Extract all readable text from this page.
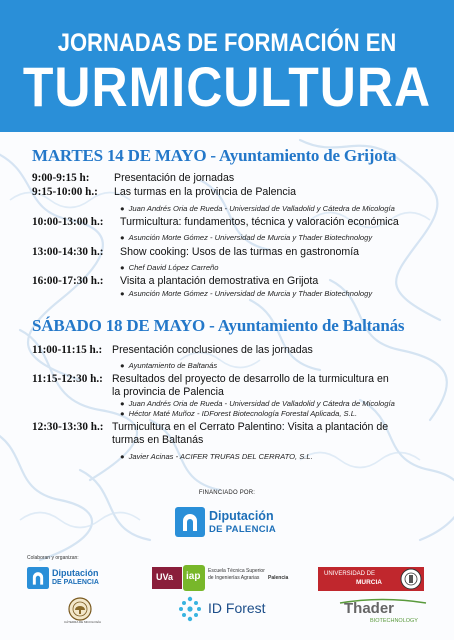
JORNADAS DE FORMACIÓN EN
TURMICULTURA
MARTES 14 DE MAYO - Ayuntamiento de Grijota
9:00-9:15 h: Presentación de jornadas
9:15-10:00 h.: Las turmas en la provincia de Palencia
● Juan Andrés Oria de Rueda - Universidad de Valladolid y Cátedra de Micología
10:00-13:00 h.: Turmicultura: fundamentos, técnica y valoración económica
● Asunción Morte Gómez - Universidad de Murcia y Thader Biotechnology
13:00-14:30 h.: Show cooking: Usos de las turmas en gastronomía
● Chef David López Carreño
16:00-17:30 h.: Visita a plantación demostrativa en Grijota
● Asunción Morte Gómez - Universidad de Murcia y Thader Biotechnology
SÁBADO 18 DE MAYO - Ayuntamiento de Baltanás
11:00-11:15 h.: Presentación conclusiones de las jornadas
● Ayuntamiento de Baltanás
11:15-12:30 h.: Resultados del proyecto de desarrollo de la turmicultura en
la provincia de Palencia
● Juan Andrés Oria de Rueda - Universidad de Valladolid y Cátedra de Micología
● Héctor Maté Muñoz - IDForest Biotecnología Forestal Aplicada, S.L.
12:30-13:30 h.: Turmicultura en el Cerrato Palentino: Visita a plantación de
turmas en Baltanás
● Javier Acinas - ACIFER TRUFAS DEL CERRATO, S.L.
FINANCIADO POR:
Diputación
DE PALENCIA
Colaboran y organizan:
Diputación
DE PALENCIA
CÁTEDRA DE MICOLOGÍA
UVa iap Escuela Técnica Superior
de Ingenierías Agrarias Palencia
UNIVERSIDAD DE
MURCIA
ID Forest	Thader
BIOTECHNOLOGY
